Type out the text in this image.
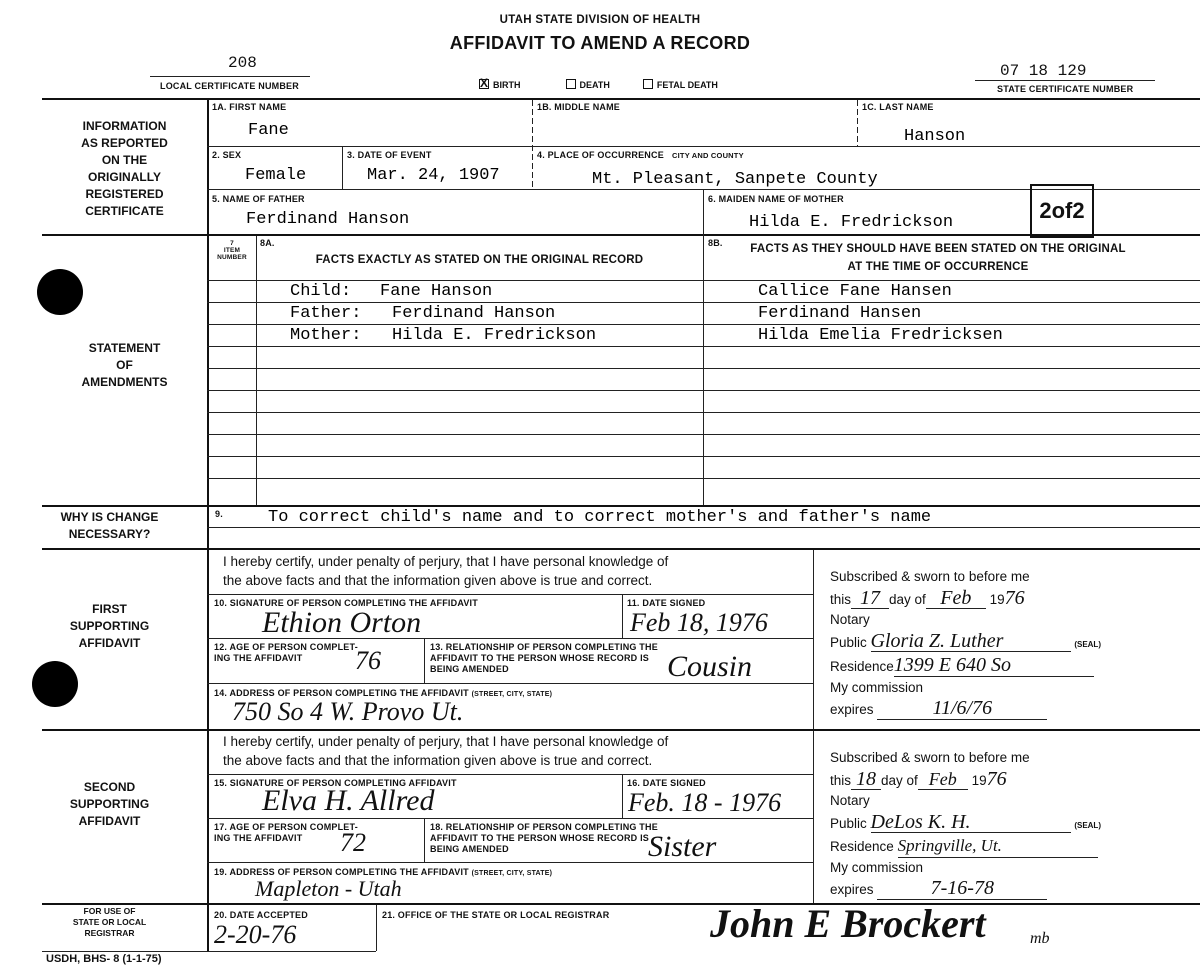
UTAH STATE DIVISION OF HEALTH
AFFIDAVIT TO AMEND A RECORD
208
LOCAL CERTIFICATE NUMBER	X BIRTH	DEATH	FETAL DEATH
07 18 129
STATE CERTIFICATE NUMBER
INFORMATION
AS REPORTED
ON THE
ORIGINALLY
REGISTERED
CERTIFICATE
STATEMENT
OF
AMENDMENTS
WHY IS CHANGE
NECESSARY?
FIRST
SUPPORTING
AFFIDAVIT
SECOND
SUPPORTING
AFFIDAVIT
FOR USE OF
STATE OR LOCAL
REGISTRAR
1A. FIRST NAME
Fane
1B. MIDDLE NAME	1C. LAST NAME
Hanson
2. SEX
Female
3. DATE OF EVENT
Mar. 24, 1907
4. PLACE OF OCCURRENCE CITY AND COUNTY
Mt. Pleasant, Sanpete County
5. NAME OF FATHER
Ferdinand Hanson
6. MAIDEN NAME OF MOTHER
Hilda E. Fredrickson	2of2
7
ITEM
NUMBER
8A.
FACTS EXACTLY AS STATED ON THE ORIGINAL RECORD
8B.	FACTS AS THEY SHOULD HAVE BEEN STATED ON THE ORIGINAL
AT THE TIME OF OCCURRENCE
Child: Fane Hanson	Callice Fane Hansen
Father: Ferdinand Hanson	Ferdinand Hansen
Mother: Hilda E. Fredrickson	Hilda Emelia Fredricksen
9.	To correct child's name and to correct mother's and father's name
I hereby certify, under penalty of perjury, that I have personal knowledge of
the above facts and that the information given above is true and correct.
10. SIGNATURE OF PERSON COMPLETING THE AFFIDAVIT
Ethion Orton
11. DATE SIGNED
Feb 18, 1976
12. AGE OF PERSON COMPLET-
ING THE AFFIDAVIT	76	13. RELATIONSHIP OF PERSON COMPLETING THE
AFFIDAVIT TO THE PERSON WHOSE RECORD IS
BEING AMENDED	Cousin
14. ADDRESS OF PERSON COMPLETING THE AFFIDAVIT (STREET, CITY, STATE)
750 So 4 W. Provo Ut.
Subscribed & sworn to before me
this 17 day of Feb 1976
Notary
Public Gloria Z. Luther	(SEAL)
Residence1399 E 640 So
My commission
expires	11/6/76
I hereby certify, under penalty of perjury, that I have personal knowledge of
the above facts and that the information given above is true and correct.
15. SIGNATURE OF PERSON COMPLETING AFFIDAVIT
Elva H. Allred
16. DATE SIGNED
Feb. 18 - 1976
17. AGE OF PERSON COMPLET-
ING THE AFFIDAVIT	72
18. RELATIONSHIP OF PERSON COMPLETING THE
AFFIDAVIT TO THE PERSON WHOSE RECORD IS
BEING AMENDED	Sister
19. ADDRESS OF PERSON COMPLETING THE AFFIDAVIT (STREET, CITY, STATE)
Mapleton - Utah
Subscribed & sworn to before me
this 18 day of Feb 1976
Notary
Public DeLos K. H.	(SEAL)
Residence Springville, Ut.
My commission
expires	7-16-78
20. DATE ACCEPTED
2-20-76
21. OFFICE OF THE STATE OR LOCAL REGISTRAR	John E Brockert	mb
USDH, BHS- 8 (1-1-75)
